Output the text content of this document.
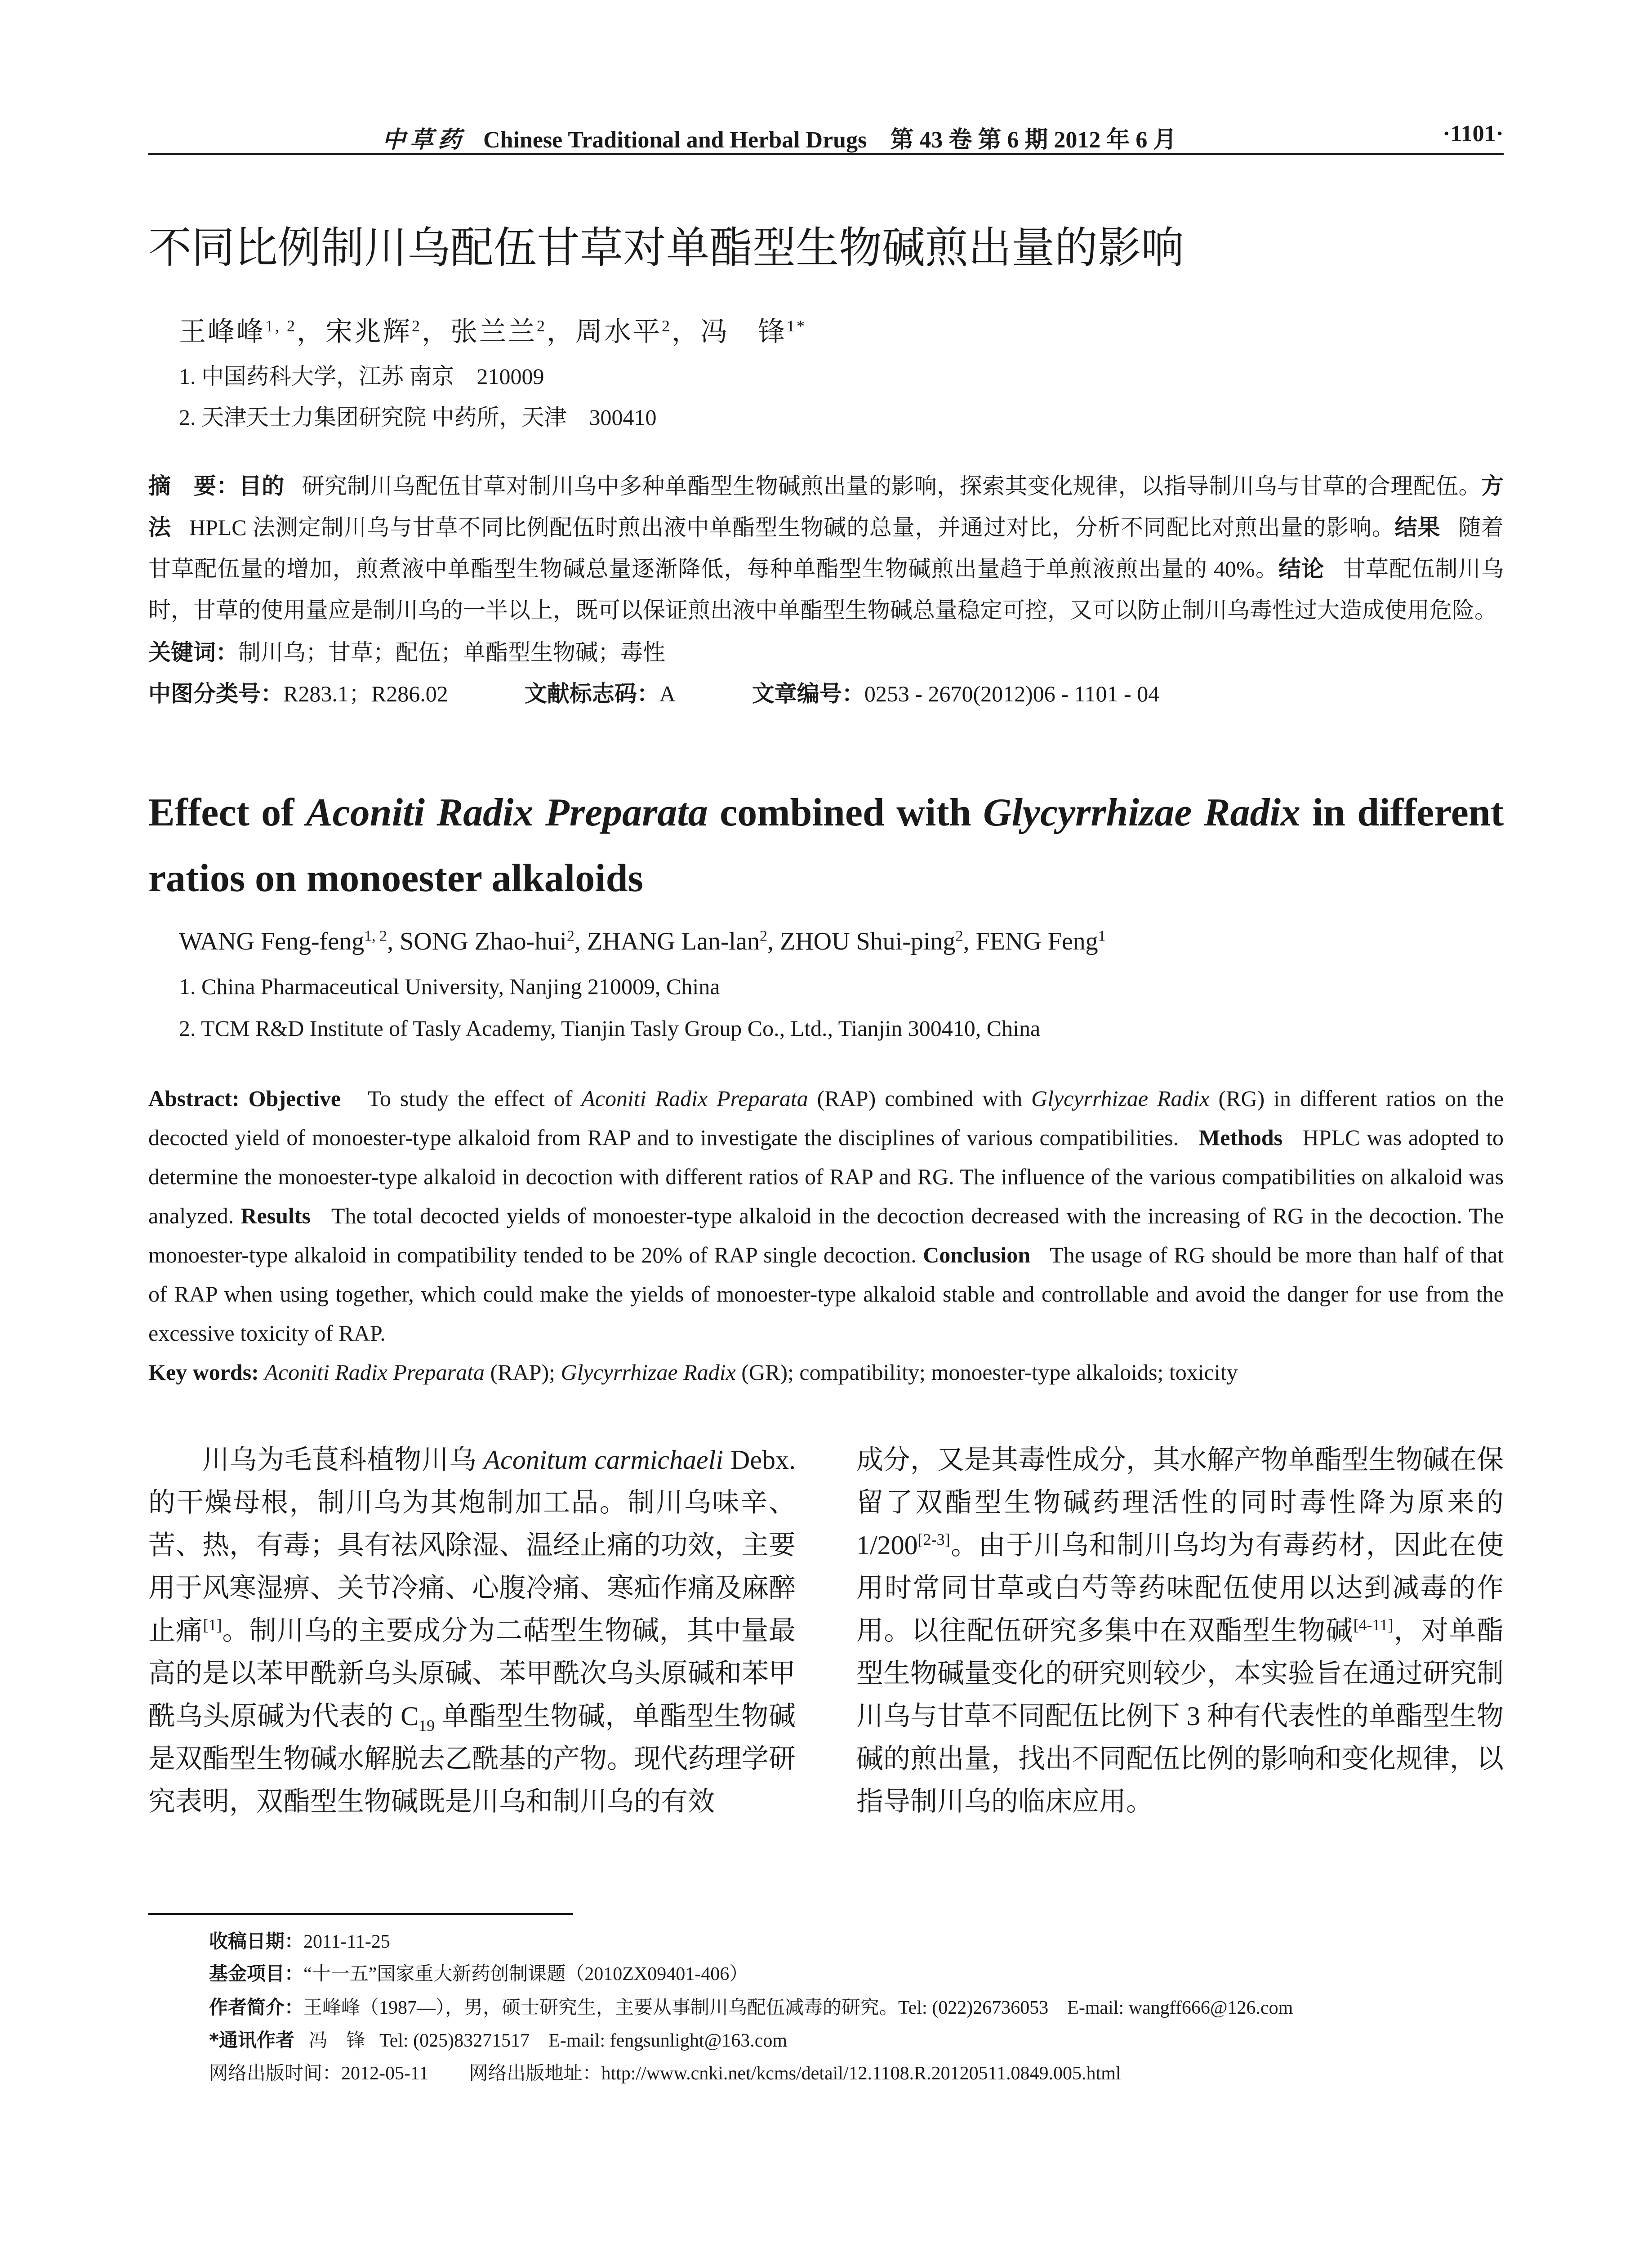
中草药 Chinese Traditional and Herbal Drugs 第 43 卷 第 6 期 2012 年 6 月	·1101·
不同比例制川乌配伍甘草对单酯型生物碱煎出量的影响
王峰峰$^{1, 2}$，宋兆辉$^2$，张兰兰$^2$，周水平$^2$，冯　锋$^{1*}$
1. 中国药科大学，江苏 南京　210009
2. 天津天士力集团研究院 中药所，天津　300410
摘　要：目的 研究制川乌配伍甘草对制川乌中多种单酯型生物碱煎出量的影响，探索其变化规律，以指导制川乌与甘草的合理配伍。方法 HPLC 法测定制川乌与甘草不同比例配伍时煎出液中单酯型生物碱的总量，并通过对比，分析不同配比对煎出量的影响。结果 随着甘草配伍量的增加，煎煮液中单酯型生物碱总量逐渐降低，每种单酯型生物碱煎出量趋于单煎液煎出量的 40%。结论 甘草配伍制川乌时，甘草的使用量应是制川乌的一半以上，既可以保证煎出液中单酯型生物碱总量稳定可控，又可以防止制川乌毒性过大造成使用危险。
关键词：制川乌；甘草；配伍；单酯型生物碱；毒性
中图分类号：R283.1；R286.02	文献标志码：A	文章编号：0253 - 2670(2012)06 - 1101 - 04
Effect of Aconiti Radix Preparata combined with Glycyrrhizae Radix in different ratios on monoester alkaloids
WANG Feng-feng$^{1, 2}$, SONG Zhao-hui$^2$, ZHANG Lan-lan$^2$, ZHOU Shui-ping$^2$, FENG Feng$^1$
1. China Pharmaceutical University, Nanjing 210009, China
2. TCM R&D Institute of Tasly Academy, Tianjin Tasly Group Co., Ltd., Tianjin 300410, China
Abstract: Objective To study the effect of Aconiti Radix Preparata (RAP) combined with Glycyrrhizae Radix (RG) in different ratios on the decocted yield of monoester-type alkaloid from RAP and to investigate the disciplines of various compatibilities. Methods HPLC was adopted to determine the monoester-type alkaloid in decoction with different ratios of RAP and RG. The influence of the various compatibilities on alkaloid was analyzed. Results The total decocted yields of monoester-type alkaloid in the decoction decreased with the increasing of RG in the decoction. The monoester-type alkaloid in compatibility tended to be 20% of RAP single decoction. Conclusion The usage of RG should be more than half of that of RAP when using together, which could make the yields of monoester-type alkaloid stable and controllable and avoid the danger for use from the excessive toxicity of RAP.
Key words: Aconiti Radix Preparata (RAP); Glycyrrhizae Radix (GR); compatibility; monoester-type alkaloids; toxicity

川乌为毛茛科植物川乌 Aconitum carmichaeli Debx. 的干燥母根，制川乌为其炮制加工品。制川乌味辛、苦、热，有毒；具有祛风除湿、温经止痛的功效，主要用于风寒湿痹、关节冷痛、心腹冷痛、寒疝作痛及麻醉止痛[1]。制川乌的主要成分为二萜型生物碱，其中量最高的是以苯甲酰新乌头原碱、苯甲酰次乌头原碱和苯甲酰乌头原碱为代表的 $C_{19}$ 单酯型生物碱，单酯型生物碱是双酯型生物碱水解脱去乙酰基的产物。现代药理学研究表明，双酯型生物碱既是川乌和制川乌的有效

成分，又是其毒性成分，其水解产物单酯型生物碱在保留了双酯型生物碱药理活性的同时毒性降为原来的 1/200[2-3]。由于川乌和制川乌均为有毒药材，因此在使用时常同甘草或白芍等药味配伍使用以达到减毒的作用。以往配伍研究多集中在双酯型生物碱[4-11]，对单酯型生物碱量变化的研究则较少，本实验旨在通过研究制川乌与甘草不同配伍比例下 3 种有代表性的单酯型生物碱的煎出量，找出不同配伍比例的影响和变化规律，以指导制川乌的临床应用。

收稿日期：2011-11-25
基金项目：“十一五”国家重大新药创制课题（2010ZX09401-406）
作者简介：王峰峰（1987—），男，硕士研究生，主要从事制川乌配伍减毒的研究。Tel: (022)26736053　E-mail: wangff666@126.com
*通讯作者 冯　锋 Tel: (025)83271517　E-mail: fengsunlight@163.com
网络出版时间：2012-05-11 网络出版地址：http://www.cnki.net/kcms/detail/12.1108.R.20120511.0849.005.html
